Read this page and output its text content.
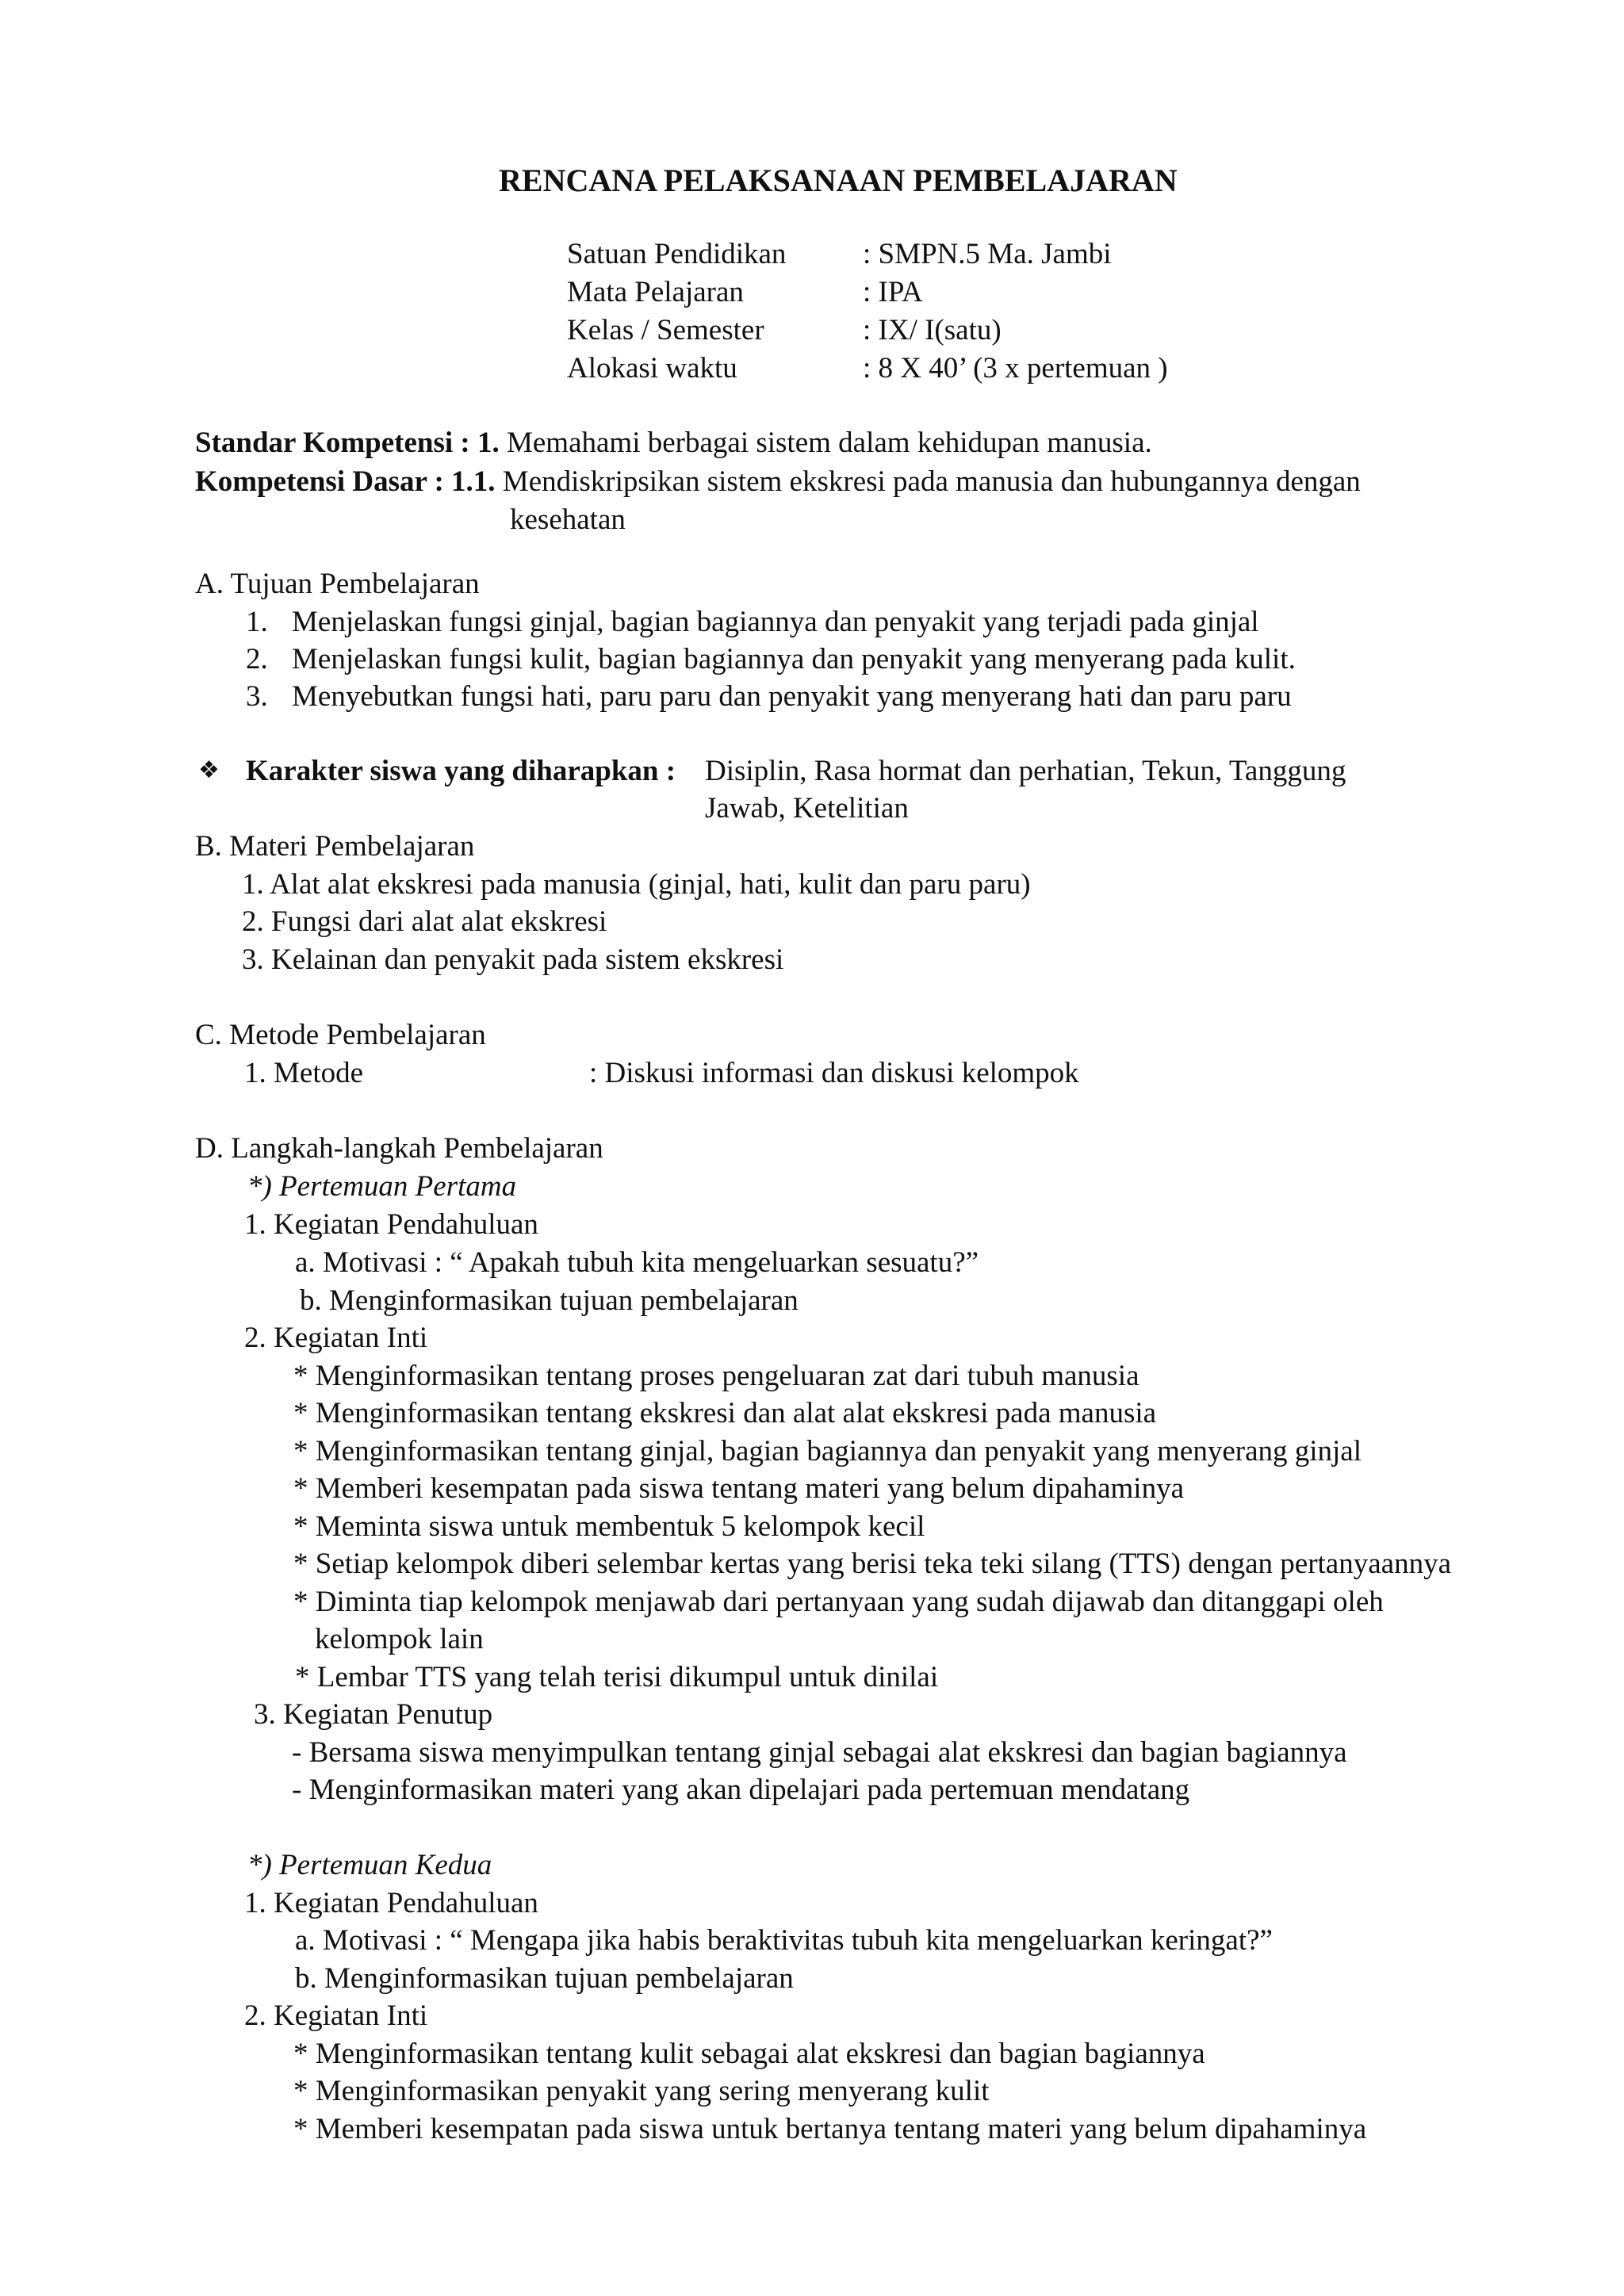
RENCANA PELAKSANAAN PEMBELAJARAN
Satuan Pendidikan	: SMPN.5 Ma. Jambi
Mata Pelajaran	: IPA
Kelas / Semester	: IX/ I(satu)
Alokasi waktu	: 8 X 40’ (3 x pertemuan )
Standar Kompetensi : 1. Memahami berbagai sistem dalam kehidupan manusia.
Kompetensi Dasar : 1.1. Mendiskripsikan sistem ekskresi pada manusia dan hubungannya dengan
kesehatan
A. Tujuan Pembelajaran
1. Menjelaskan fungsi ginjal, bagian bagiannya dan penyakit yang terjadi pada ginjal
2. Menjelaskan fungsi kulit, bagian bagiannya dan penyakit yang menyerang pada kulit.
3. Menyebutkan fungsi hati, paru paru dan penyakit yang menyerang hati dan paru paru
❖ Karakter siswa yang diharapkan : Disiplin, Rasa hormat dan perhatian, Tekun, Tanggung
Jawab, Ketelitian
B. Materi Pembelajaran
1. Alat alat ekskresi pada manusia (ginjal, hati, kulit dan paru paru)
2. Fungsi dari alat alat ekskresi
3. Kelainan dan penyakit pada sistem ekskresi
C. Metode Pembelajaran
1. Metode	: Diskusi informasi dan diskusi kelompok
D. Langkah-langkah Pembelajaran
*) Pertemuan Pertama
1. Kegiatan Pendahuluan
a. Motivasi : “ Apakah tubuh kita mengeluarkan sesuatu?”
b. Menginformasikan tujuan pembelajaran
2. Kegiatan Inti
* Menginformasikan tentang proses pengeluaran zat dari tubuh manusia
* Menginformasikan tentang ekskresi dan alat alat ekskresi pada manusia
* Menginformasikan tentang ginjal, bagian bagiannya dan penyakit yang menyerang ginjal
* Memberi kesempatan pada siswa tentang materi yang belum dipahaminya
* Meminta siswa untuk membentuk 5 kelompok kecil
* Setiap kelompok diberi selembar kertas yang berisi teka teki silang (TTS) dengan pertanyaannya
* Diminta tiap kelompok menjawab dari pertanyaan yang sudah dijawab dan ditanggapi oleh
kelompok lain
* Lembar TTS yang telah terisi dikumpul untuk dinilai
3. Kegiatan Penutup
- Bersama siswa menyimpulkan tentang ginjal sebagai alat ekskresi dan bagian bagiannya
- Menginformasikan materi yang akan dipelajari pada pertemuan mendatang
*) Pertemuan Kedua
1. Kegiatan Pendahuluan
a. Motivasi : “ Mengapa jika habis beraktivitas tubuh kita mengeluarkan keringat?”
b. Menginformasikan tujuan pembelajaran
2. Kegiatan Inti
* Menginformasikan tentang kulit sebagai alat ekskresi dan bagian bagiannya
* Menginformasikan penyakit yang sering menyerang kulit
* Memberi kesempatan pada siswa untuk bertanya tentang materi yang belum dipahaminya
